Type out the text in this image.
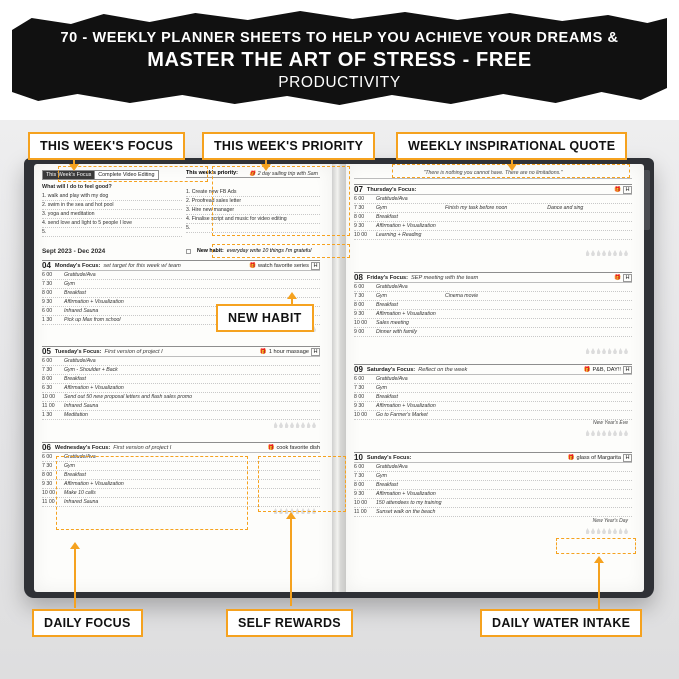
70 - WEEKLY PLANNER SHEETS TO HELP YOU ACHIEVE YOUR DREAMS &
MASTER THE ART OF STRESS - FREE
PRODUCTIVITY
This Week's Focus	Complete Video Editing
What will I do to feel good?
1. walk and play with my dog
2. swim in the sea and hot pool
3. yoga and meditation
4. send love and light to 5 people I love
5.
Sept 2023 - Dec 2024
🎁 2 day sailing trip with Sam
This week's priority:
1. Create new FB Ads
2. Proofread sales letter
3. Hire new manager
4. Finalise script and music for video editing
5.
New habit: everyday write 10 things I'm grateful
04 Monday's Focus: set target for this week w/ team	🎁 watch favorite series H
6 00	Gratitude/Ava
7 30	Gym
8 00	Breakfast
9 30	Affirmation + Visualization
6 00	Infrared Sauna
1 30	Pick up Max from school
05 Tuesday's Focus: First version of project I	🎁 1 hour massage H
6 00	Gratitude/Ava
7 30	Gym - Shoulder + Back
8 00	Breakfast
6 30	Affirmation + Visualization
10 00	Send out 50 new proposal letters and flash sales promo
11 00	Infrared Sauna
1 30	Meditation
06 Wednesday's Focus: First version of project I	🎁 cook favorite dish
6 00	Gratitude/Ava
7 30	Gym
8 00	Breakfast
9 30	Affirmation + Visualization
10 00	Make 10 calls
11 00	Infrared Sauna
"There is nothing you cannot have. There are no limitations."
07 Thursday's Focus:	🎁 H
6 00	Gratitude/Ava
7 30	Gym	Finish my task before noon	Dance and sing
8 00	Breakfast
9 30	Affirmation + Visualization
10 00	Learning + Reading
08 Friday's Focus: SEP meeting with the team	🎁 H
6 00	Gratitude/Ava
7 30	Gym	Cinema movie
8 00	Breakfast
9 30	Affirmation + Visualization
10 00	Sales meeting
9 00	Dinner with family
09 Saturday's Focus: Reflect on the week	🎁 P&B, DAY!! H
6 00	Gratitude/Ava
7 30	Gym
8 00	Breakfast
9 30	Affirmation + Visualization
10 00	Go to Farmer's Market
New Year's Eve
10 Sunday's Focus:	🎁 glass of Margarita H
6 00	Gratitude/Ava
7 30	Gym
8 00	Breakfast
9 30	Affirmation + Visualization
10 00	150 attendees to my training
11 00	Sunset walk on the beach
New Year's Day
THIS WEEK'S FOCUS	THIS WEEK'S PRIORITY	WEEKLY INSPIRATIONAL QUOTE
NEW HABIT
DAILY FOCUS	SELF REWARDS	DAILY WATER INTAKE
